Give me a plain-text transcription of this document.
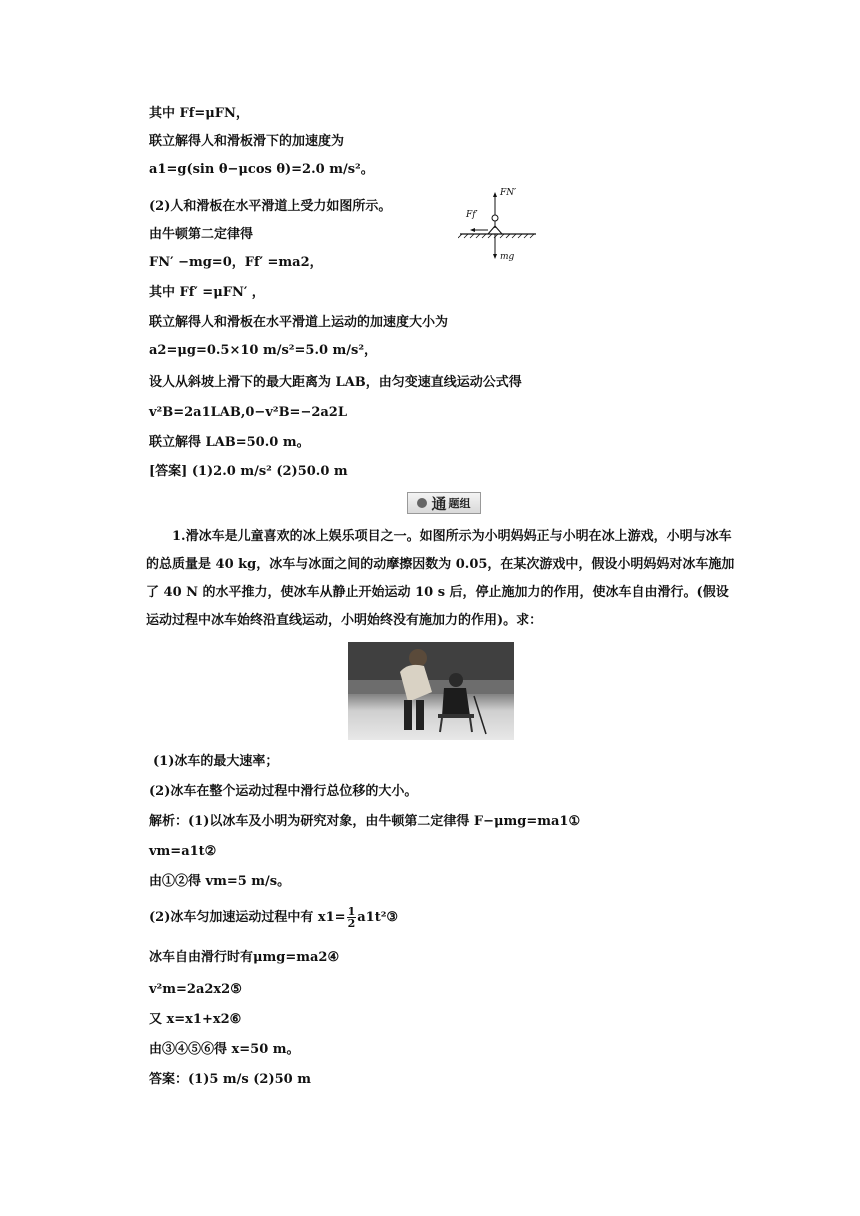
其中 Ff=μFN，
联立解得人和滑板滑下的加速度为
a1=g(sin θ−μcos θ)=2.0 m/s²。
(2)人和滑板在水平滑道上受力如图所示。
由牛顿第二定律得
FN′ −mg=0，Ff′ =ma2，
其中 Ff′ =μFN′ ，
联立解得人和滑板在水平滑道上运动的加速度大小为
a2=μg=0.5×10 m/s²=5.0 m/s²，
设人从斜坡上滑下的最大距离为 LAB，由匀变速直线运动公式得
v²B=2a1LAB,0−v²B=−2a2L
联立解得 LAB=50.0 m。
[答案] (1)2.0 m/s² (2)50.0 m
FN′
Ff′
mg
通 题组
1.滑冰车是儿童喜欢的冰上娱乐项目之一。如图所示为小明妈妈正与小明在冰上游戏，小明与冰车的总质量是 40 kg，冰车与冰面之间的动摩擦因数为 0.05，在某次游戏中，假设小明妈妈对冰车施加了 40 N 的水平推力，使冰车从静止开始运动 10 s 后，停止施加力的作用，使冰车自由滑行。(假设运动过程中冰车始终沿直线运动，小明始终没有施加力的作用)。求：
(1)冰车的最大速率；
(2)冰车在整个运动过程中滑行总位移的大小。
解析：(1)以冰车及小明为研究对象，由牛顿第二定律得 F−μmg=ma1①
vm=a1t②
由①②得 vm=5 m/s。
(2)冰车匀加速运动过程中有 $x1= \frac{1}{2}$ a1t²③
冰车自由滑行时有μmg=ma2④
v²m=2a2x2⑤
又 x=x1+x2⑥
由③④⑤⑥得 x=50 m。
答案：(1)5 m/s (2)50 m
